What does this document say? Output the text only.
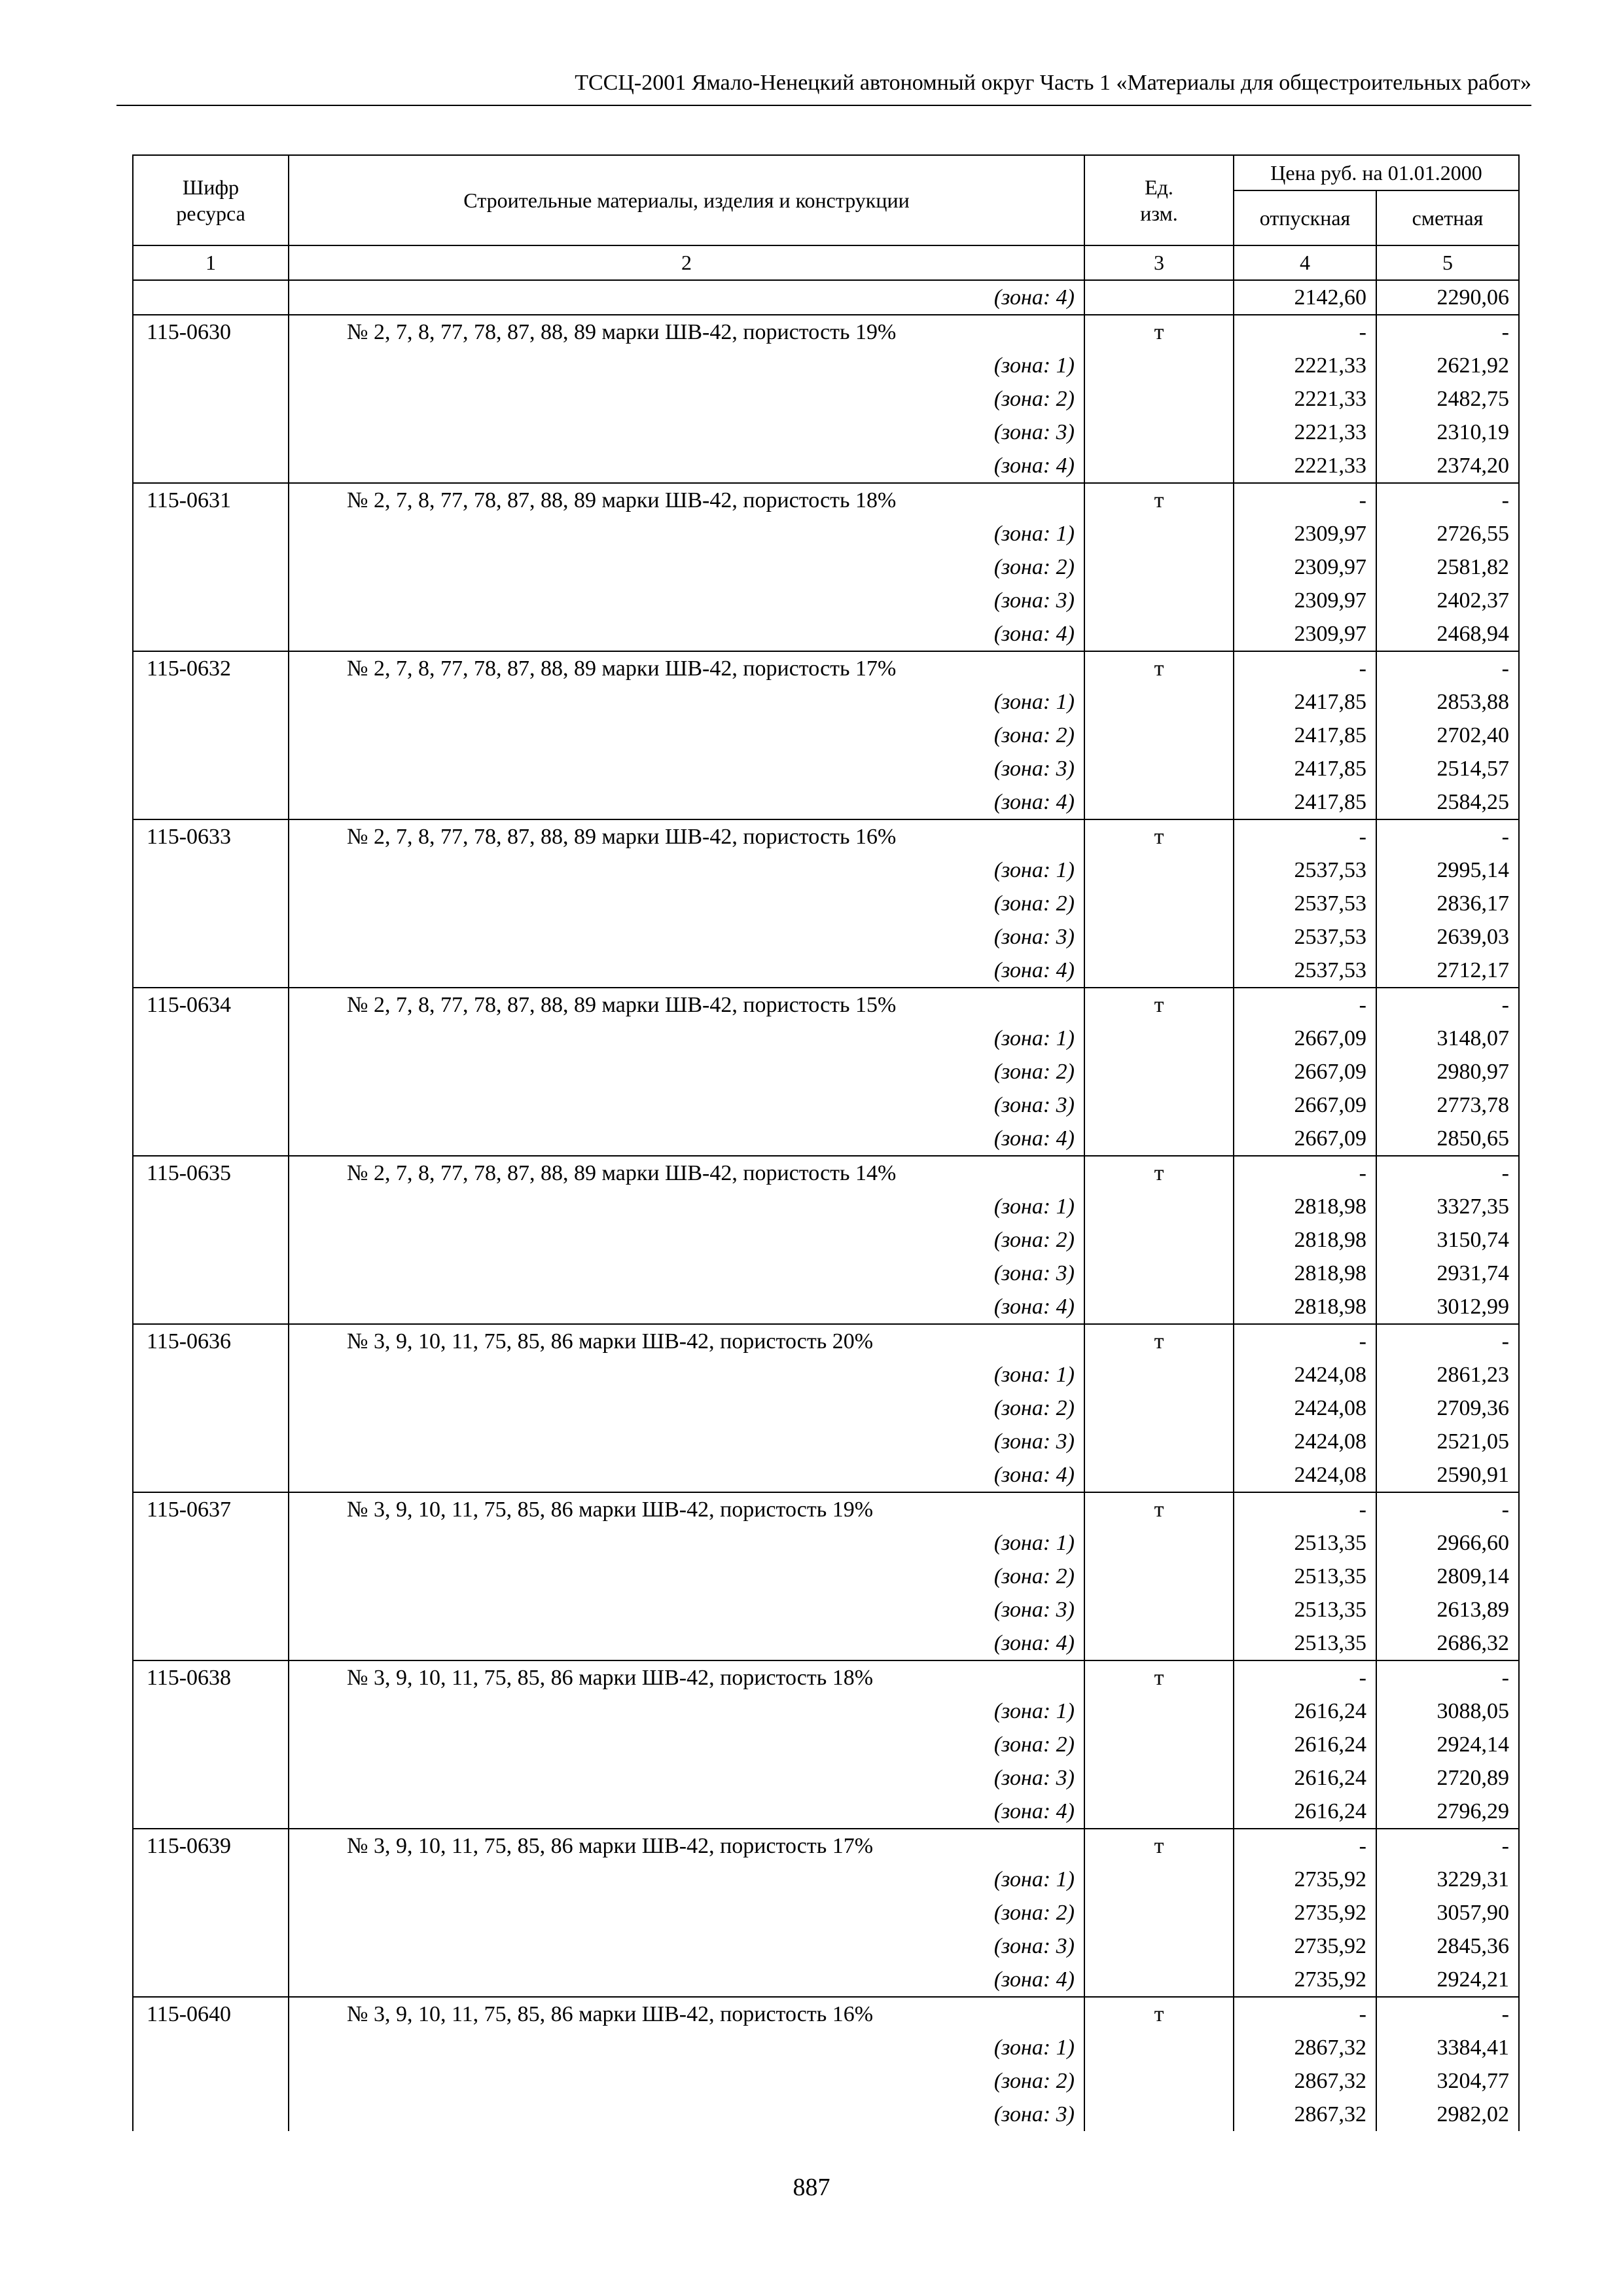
ТССЦ-2001 Ямало-Ненецкий автономный округ Часть 1 «Материалы для общестроительных работ»
Шифр
ресурса	Строительные материалы, изделия и конструкции	Ед.
изм.	Цена руб. на 01.01.2000	
			отпускная	сметная
1	2	3	4	5
	(зона: 4)		2142,60	2290,06
115-0630	№ 2, 7, 8, 77, 78, 87, 88, 89 марки ШВ-42, пористость 19%	т	-	-
	(зона: 1)		2221,33	2621,92
	(зона: 2)		2221,33	2482,75
	(зона: 3)		2221,33	2310,19
	(зона: 4)		2221,33	2374,20
115-0631	№ 2, 7, 8, 77, 78, 87, 88, 89 марки ШВ-42, пористость 18%	т	-	-
	(зона: 1)		2309,97	2726,55
	(зона: 2)		2309,97	2581,82
	(зона: 3)		2309,97	2402,37
	(зона: 4)		2309,97	2468,94
115-0632	№ 2, 7, 8, 77, 78, 87, 88, 89 марки ШВ-42, пористость 17%	т	-	-
	(зона: 1)		2417,85	2853,88
	(зона: 2)		2417,85	2702,40
	(зона: 3)		2417,85	2514,57
	(зона: 4)		2417,85	2584,25
115-0633	№ 2, 7, 8, 77, 78, 87, 88, 89 марки ШВ-42, пористость 16%	т	-	-
	(зона: 1)		2537,53	2995,14
	(зона: 2)		2537,53	2836,17
	(зона: 3)		2537,53	2639,03
	(зона: 4)		2537,53	2712,17
115-0634	№ 2, 7, 8, 77, 78, 87, 88, 89 марки ШВ-42, пористость 15%	т	-	-
	(зона: 1)		2667,09	3148,07
	(зона: 2)		2667,09	2980,97
	(зона: 3)		2667,09	2773,78
	(зона: 4)		2667,09	2850,65
115-0635	№ 2, 7, 8, 77, 78, 87, 88, 89 марки ШВ-42, пористость 14%	т	-	-
	(зона: 1)		2818,98	3327,35
	(зона: 2)		2818,98	3150,74
	(зона: 3)		2818,98	2931,74
	(зона: 4)		2818,98	3012,99
115-0636	№ 3, 9, 10, 11, 75, 85, 86 марки ШВ-42, пористость 20%	т	-	-
	(зона: 1)		2424,08	2861,23
	(зона: 2)		2424,08	2709,36
	(зона: 3)		2424,08	2521,05
	(зона: 4)		2424,08	2590,91
115-0637	№ 3, 9, 10, 11, 75, 85, 86 марки ШВ-42, пористость 19%	т	-	-
	(зона: 1)		2513,35	2966,60
	(зона: 2)		2513,35	2809,14
	(зона: 3)		2513,35	2613,89
	(зона: 4)		2513,35	2686,32
115-0638	№ 3, 9, 10, 11, 75, 85, 86 марки ШВ-42, пористость 18%	т	-	-
	(зона: 1)		2616,24	3088,05
	(зона: 2)		2616,24	2924,14
	(зона: 3)		2616,24	2720,89
	(зона: 4)		2616,24	2796,29
115-0639	№ 3, 9, 10, 11, 75, 85, 86 марки ШВ-42, пористость 17%	т	-	-
	(зона: 1)		2735,92	3229,31
	(зона: 2)		2735,92	3057,90
	(зона: 3)		2735,92	2845,36
	(зона: 4)		2735,92	2924,21
115-0640	№ 3, 9, 10, 11, 75, 85, 86 марки ШВ-42, пористость 16%	т	-	-
	(зона: 1)		2867,32	3384,41
	(зона: 2)		2867,32	3204,77
	(зона: 3)		2867,32	2982,02
887
